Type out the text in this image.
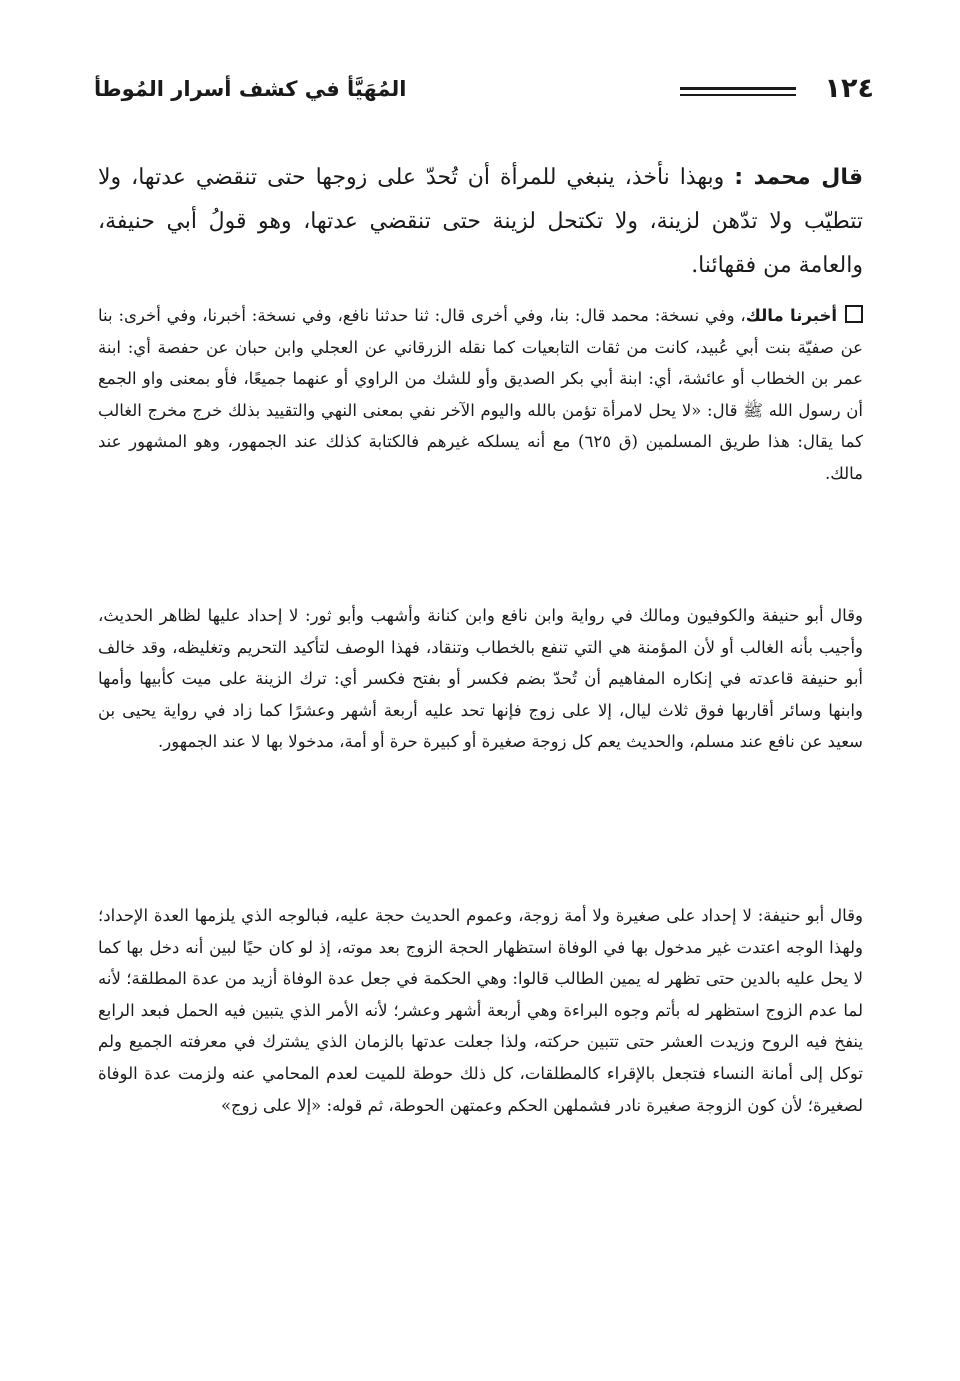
١٢٤
المُهَيَّأ في كشف أسرار المُوطأ

قال محمد : وبهذا نأخذ، ينبغي للمرأة أن تُحدّ على زوجها حتى تنقضي عدتها، ولا تتطيّب ولا تدّهن لزينة، ولا تكتحل لزينة حتى تنقضي عدتها، وهو قولُ أبي حنيفة، والعامة من فقهائنا.

أخبرنا مالك، وفي نسخة: محمد قال: بنا، وفي أخرى قال: ثنا حدثنا نافع، وفي نسخة: أخبرنا، وفي أخرى: بنا عن صفيّة بنت أبي عُبيد، كانت من ثقات التابعيات كما نقله الزرقاني عن العجلي وابن حبان عن حفصة أي: ابنة عمر بن الخطاب أو عائشة، أي: ابنة أبي بكر الصديق وأو للشك من الراوي أو عنهما جميعًا، فأو بمعنى واو الجمع أن رسول الله ﷺ قال: «لا يحل لامرأة تؤمن بالله واليوم الآخر نفي بمعنى النهي والتقييد بذلك خرج مخرج الغالب كما يقال: هذا طريق المسلمين (ق ٦٢٥) مع أنه يسلكه غيرهم فالكتابة كذلك عند الجمهور، وهو المشهور عند مالك.

وقال أبو حنيفة والكوفيون ومالك في رواية وابن نافع وابن كنانة وأشهب وأبو ثور: لا إحداد عليها لظاهر الحديث، وأجيب بأنه الغالب أو لأن المؤمنة هي التي تنفع بالخطاب وتنقاد، فهذا الوصف لتأكيد التحريم وتغليظه، وقد خالف أبو حنيفة قاعدته في إنكاره المفاهيم أن تُحدّ بضم فكسر أو بفتح فكسر أي: ترك الزينة على ميت كأبيها وأمها وابنها وسائر أقاربها فوق ثلاث ليال، إلا على زوج فإنها تحد عليه أربعة أشهر وعشرًا كما زاد في رواية يحيى بن سعيد عن نافع عند مسلم، والحديث يعم كل زوجة صغيرة أو كبيرة حرة أو أمة، مدخولا بها لا عند الجمهور.

وقال أبو حنيفة: لا إحداد على صغيرة ولا أمة زوجة، وعموم الحديث حجة عليه، فبالوجه الذي يلزمها العدة الإحداد؛ ولهذا الوجه اعتدت غير مدخول بها في الوفاة استظهار الحجة الزوج بعد موته، إذ لو كان حيًا لبين أنه دخل بها كما لا يحل عليه بالدين حتى تظهر له يمين الطالب قالوا: وهي الحكمة في جعل عدة الوفاة أزيد من عدة المطلقة؛ لأنه لما عدم الزوج استظهر له بأتم وجوه البراءة وهي أربعة أشهر وعشر؛ لأنه الأمر الذي يتبين فيه الحمل فبعد الرابع ينفخ فيه الروح وزيدت العشر حتى تتبين حركته، ولذا جعلت عدتها بالزمان الذي يشترك في معرفته الجميع ولم توكل إلى أمانة النساء فتجعل بالإقراء كالمطلقات، كل ذلك حوطة للميت لعدم المحامي عنه ولزمت عدة الوفاة لصغيرة؛ لأن كون الزوجة صغيرة نادر فشملهن الحكم وعمتهن الحوطة، ثم قوله: «إلا على زوج»
